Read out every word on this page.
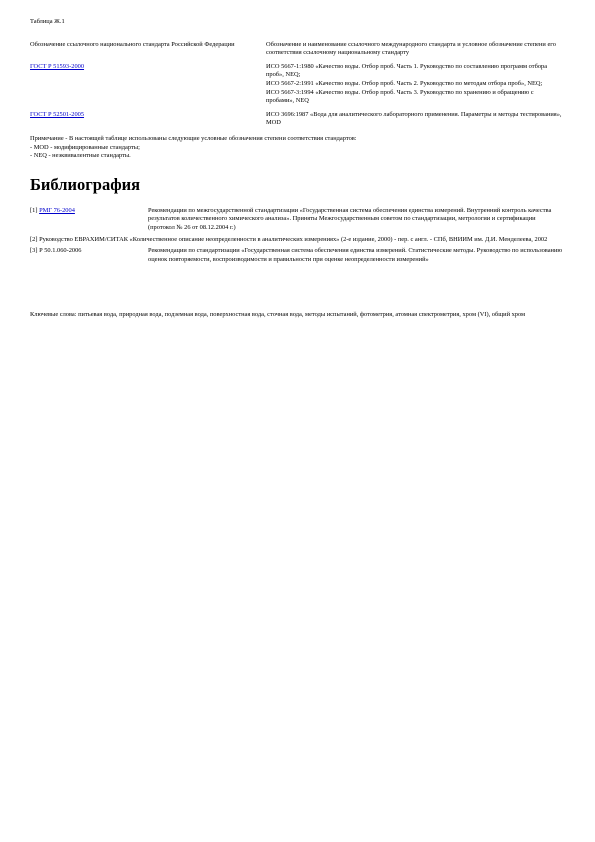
Таблица Ж.1
Обозначение ссылочного национального стандарта Российской Федерации	Обозначение и наименование ссылочного международного стандарта и условное обозначение степени его соответствия ссылочному национальному стандарту
ГОСТ Р 51593-2000	ИСО 5667-1:1980 «Качество воды. Отбор проб. Часть 1. Руководство по составлению программ отбора проб», NEQ;
ИСО 5667-2:1991 «Качество воды. Отбор проб. Часть 2. Руководство по методам отбора проб», NEQ;
ИСО 5667-3:1994 «Качество воды. Отбор проб. Часть 3. Руководство по хранению и обращению с пробами», NEQ

ГОСТ Р 52501-2005	ИСО 3696:1987 «Вода для аналитического лабораторного применения. Параметры и методы тестирования», MOD
Примечание - В настоящей таблице использованы следующие условные обозначения степени соответствия стандартов:
- MOD - модифицированные стандарты;
- NEQ - неэквивалентные стандарты.
Библиография
[1] РМГ 76-2004	Рекомендации по межгосударственной стандартизации «Государственная система обеспечения единства измерений. Внутренний контроль качества результатов количественного химического анализа». Приняты Межгосударственным советом по стандартизации, метрологии и сертификации (протокол № 26 от 08.12.2004 г.)
[2] Руководство ЕВРАХИМ/СИТАК «Количественное описание неопределенности в аналитических измерениях» (2-е издание, 2000) - пер. с англ. - СПб, ВНИИМ им. Д.И. Менделеева, 2002	
[3] Р 50.1.060-2006	Рекомендации по стандартизации «Государственная система обеспечения единства измерений. Статистические методы. Руководство по использованию оценок повторяемости, воспроизводимости и правильности при оценке неопределенности измерений»
Ключевые слова: питьевая вода, природная вода, подземная вода, поверхностная вода, сточная вода, методы испытаний, фотометрия, атомная спектрометрия, хром (VI), общий хром
